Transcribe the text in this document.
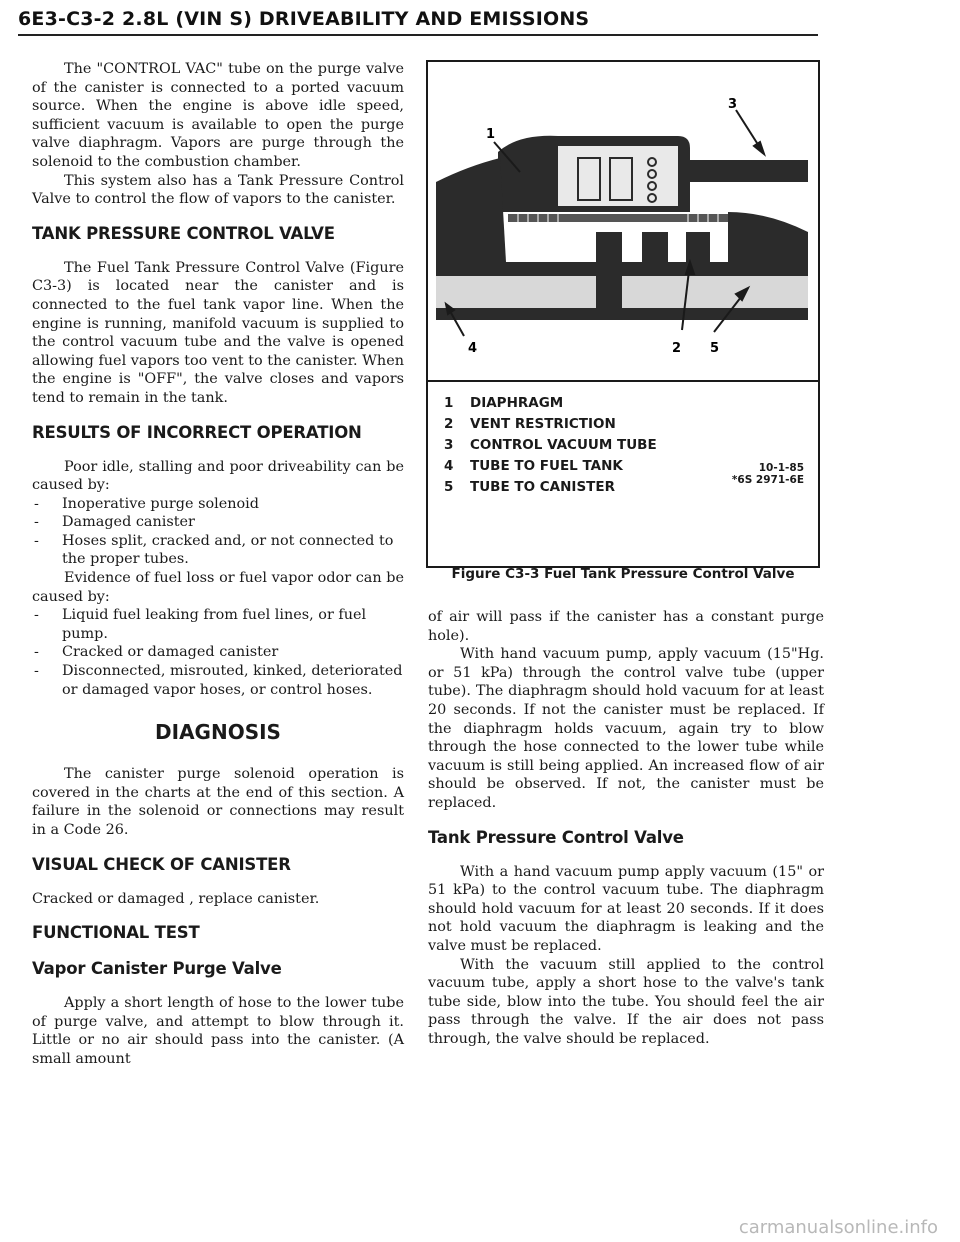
6E3-C3-2 2.8L (VIN S) DRIVEABILITY AND EMISSIONS

The "CONTROL VAC" tube on the purge valve of the canister is connected to a ported vacuum source. When the engine is above idle speed, sufficient vacuum is available to open the purge valve diaphragm. Vapors are purge through the solenoid to the combustion chamber.

This system also has a Tank Pressure Control Valve to control the flow of vapors to the canister.

TANK PRESSURE CONTROL VALVE

The Fuel Tank Pressure Control Valve (Figure C3-3) is located near the canister and is connected to the fuel tank vapor line. When the engine is running, manifold vacuum is supplied to the control vacuum tube and the valve is opened allowing fuel vapors too vent to the canister. When the engine is "OFF", the valve closes and vapors tend to remain in the tank.

RESULTS OF INCORRECT OPERATION

Poor idle, stalling and poor driveability can be caused by:

- Inoperative purge solenoid
- Damaged canister
- Hoses split, cracked and, or not connected to the proper tubes.

Evidence of fuel loss or fuel vapor odor can be caused by:

- Liquid fuel leaking from fuel lines, or fuel pump.
- Cracked or damaged canister
- Disconnected, misrouted, kinked, deteriorated or damaged vapor hoses, or control hoses.
DIAGNOSIS

The canister purge solenoid operation is covered in the charts at the end of this section. A failure in the solenoid or connections may result in a Code 26.

VISUAL CHECK OF CANISTER

Cracked or damaged , replace canister.

FUNCTIONAL TEST
Vapor Canister Purge Valve

Apply a short length of hose to the lower tube of purge valve, and attempt to blow through it. Little or no air should pass into the canister. (A small amount

1
3
4	2 5
1	DIAPHRAGM
2	VENT RESTRICTION
3	CONTROL VACUUM TUBE
4	TUBE TO FUEL TANK
5	TUBE TO CANISTER
10-1-85
*6S 2971-6E
Figure C3-3 Fuel Tank Pressure Control Valve

of air will pass if the canister has a constant purge hole).

With hand vacuum pump, apply vacuum (15"Hg. or 51 kPa) through the control valve tube (upper tube). The diaphragm should hold vacuum for at least 20 seconds. If not the canister must be replaced. If the diaphragm holds vacuum, again try to blow through the hose connected to the lower tube while vacuum is still being applied. An increased flow of air should be observed. If not, the canister must be replaced.

Tank Pressure Control Valve

With a hand vacuum pump apply vacuum (15" or 51 kPa) to the control vacuum tube. The diaphragm should hold vacuum for at least 20 seconds. If it does not hold vacuum the diaphragm is leaking and the valve must be replaced.

With the vacuum still applied to the control vacuum tube, apply a short hose to the valve's tank tube side, blow into the tube. You should feel the air pass through the valve. If the air does not pass through, the valve should be replaced.

carmanualsonline.info
